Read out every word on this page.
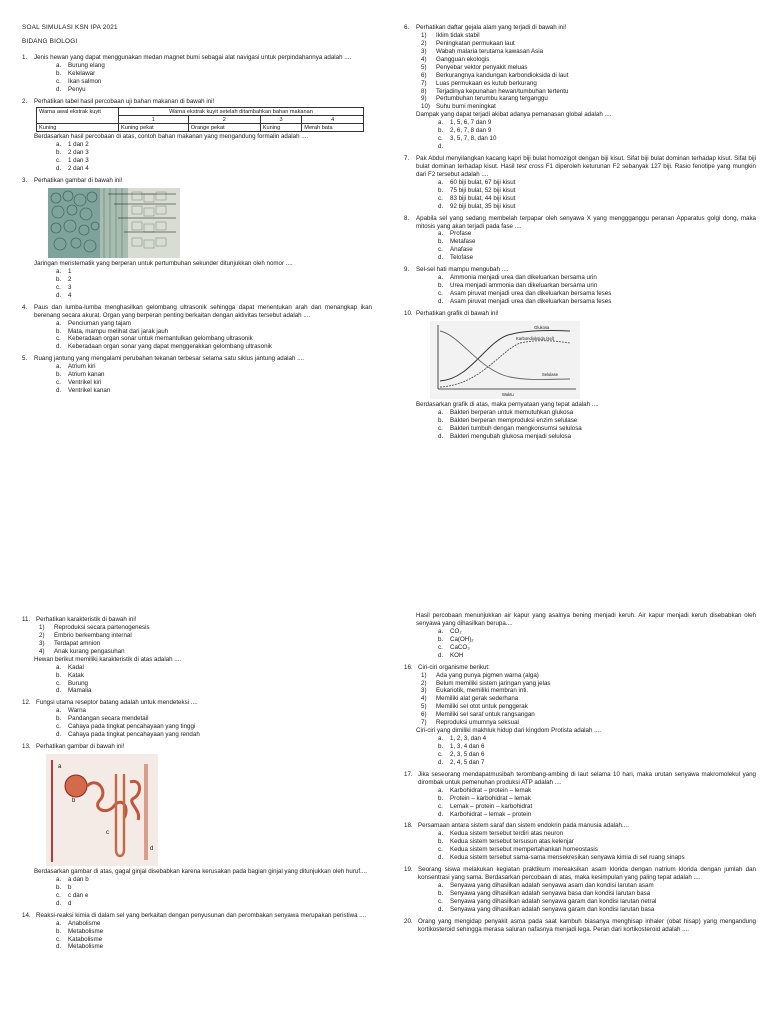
SOAL SIMULASI KSN IPA 2021
BIDANG BIOLOGI
1.	Jenis hewan yang dapat menggunakan medan magnet bumi sebagai alat navigasi untuk perpindahannya adalah ....
a.	Burung elang
b.	Kelelawar
c.	Ikan salmon
d.	Penyu
2.	Perhatikan tabel hasil percobaan uji bahan makanan di bawah ini!
Warna awal ekstrak kuyit	Warna ekstrak kuyit setelah ditambahkan bahan makanan			
	1	2	3	4
Kuning	Kuning pekat	Orange pekat	Kuning	Merah bata
Berdasarkan hasil percobaan di atas, contoh bahan makanan yang mengandung formalin adalah ....
a.	1 dan 2
b.	2 dan 3
c.	1 dan 3
d.	2 dan 4
3.	Perhatikan gambar di bawah ini!
Jaringan meristematik yang berperan untuk pertumbuhan sekunder ditunjukkan oleh nomor ....
a.	1
b.	2
c.	3
d.	4
4.	Paus dan lumba-lumba menghasilkan gelombang ultrasonik sehingga dapat menentukan arah dan menangkap ikan berenang secara akurat. Organ yang berperan penting berkaitan dengan aktivitas tersebut adalah ....
a.	Penciuman yang tajam
b.	Mata, mampu melihat dari jarak jauh
c.	Keberadaan organ sonar untuk memantulkan gelombang ultrasonik
d.	Keberadaan organ sonar yang dapat menggerakkan gelombang ultrasonik
5.	Ruang jantung yang mengalami perubahan tekanan terbesar selama satu siklus jantung adalah ....
a.	Atrium kiri
b.	Atrium kanan
c.	Ventrikel kiri
d.	Ventrikel kanan
6.	Perhatikan daftar gejala alam yang terjadi di bawah ini!
1)	Iklim tidak stabil
2)	Peningkatan permukaan laut
3)	Wabah malaria terutama kawasan Asia
4)	Gangguan ekologis
5)	Penyebar vektor penyakit meluas
6)	Berkurangnya kandungan karbondioksida di laut
7)	Luas permukaan es kutub berkurang
8)	Terjadinya kepunahan hewan/tumbuhan tertentu
9)	Pertumbuhan terumbu karang terganggu
10) Suhu bumi meningkat
Dampak yang dapat terjadi akibat adanya pemanasan global adalah ....
a.	1, 5, 6, 7 dan 9
b.	2, 6, 7, 8 dan 9
c.	3, 5, 7, 8, dan 10
d.
7.	Pak Abdul menyilangkan kacang kapri biji bulat homozigot dengan biji kisut. Sifat biji bulat dominan terhadap kisut. Sifat biji bulat dominan terhadap kisut. Hasil test cross F1 diperoleh keturunan F2 sebanyak 127 biji. Rasio fenotipe yang mungkin dari F2 tersebut adalah ....
a.	60 biji bulat, 67 biji kisut
b.	75 biji bulat, 52 biji kisut
c.	83 biji bulat, 44 biji kisut
d.	92 biji bulat, 35 biji kisut
8.	Apabila sel yang sedang membelah terpapar oleh senyawa X yang menggganggu peranan Apparatus golgi dong, maka mitosis yang akan terjadi pada fase ....
a.	Profase
b.	Metafase
c.	Anafase
d.	Telofase
9.	Sel-sel hati mampu mengubah ....
a.	Ammonia menjadi urea dan dikeluarkan bersama urin
b.	Urea menjadi ammonia dan dikeluarkan bersama urin
c.	Asam piruvat menjadi urea dan dikeluarkan bersama feses
d.	Asam piruvat menjadi urea dan dikeluarkan bersama feses
10. Perhatikan grafik di bawah ini!
Glukosa
Karbondioksida (sel)
Selulase
Waktu
Berdasarkan grafik di atas, maka pernyataan yang tepat adalah ....
a.	Bakteri berperan untuk memutuhkan glukosa
b.	Bakteri berperan memproduksi enzim selulase
c.	Bakteri tumbuh dengan mengkonsumsi selulosa
d.	Bakteri mengubah glukosa menjadi selulosa
11. Perhatikan karakteristik di bawah ini!
1)	Reproduksi secara partenogenesis
2)	Embrio berkembang internal
3)	Terdapat amnion
4)	Anak kurang pengasuhan
Hewan berikut memiliki karakteristik di atas adalah ....
a.	Kadal
b.	Katak
c.	Burung
d.	Mamalia
12. Fungsi utama reseptor batang adalah untuk mendeteksi ....
a.	Warna
b.	Pandangan secara mendetail
c.	Cahaya pada tingkat pencahayaan yang tinggi
d.	Cahaya pada tingkat pencahayaan yang rendah
13. Perhatikan gambar di bawah ini!
a
b
c
d
Berdasarkan gambar di atas, gagal ginjal disebabkan karena kerusakan pada bagian ginjal yang ditunjukkan oleh huruf....
a.	a dan b
b.	b
c.	c dan e
d.	d
14. Reaksi-reaksi kimia di dalam sel yang berkaitan dengan penyusunan dan perombakan senyawa merupakan peristiwa ....
a.	Anabolisme
b.	Metabolisme
c.	Katabolisme
d.	Metabolisme
Hasil percobaan menunjukkan air kapur yang asalnya bening menjadi keruh. Air kapur menjadi keruh disebabkan oleh senyawa yang dihasilkan berupa....
a.	CO₂
b.	Ca(OH)₂
c.	CaCO₃
d.	KOH
16. Ciri-ciri organisme berikut:
1)	Ada yang punya pigmen warna (alga)
2)	Belum memiliki sistem jaringan yang jelas
3)	Eukariotik, memiliki membran inti.
4)	Memiliki alat gerak sederhana
5)	Memiliki sel otot untuk penggerak
6)	Memiliki sel saraf untuk rangsangan
7)	Reproduksi umumnya seksual
Ciri-ciri yang dimiliki makhluk hidup dari kingdom Protista adalah ....
a.	1, 2, 3, dan 4
b.	1, 3, 4 dan 6
c.	2, 3, 5 dan 6
d.	2, 4, 5 dan 7
17. Jika seseorang mendapatmusibah terombang-ambing di laut selama 10 hari, maka urutan senyawa makromolekul yang dirombak untuk pemenuhan produksi ATP adalah ....
a.	Karbohidrat – protein – lemak
b.	Protein – karbohidrat – lemak
c.	Lemak – protein – karbohidrat
d.	Karbohidrat – lemak – protein
18. Persamaan antara sistem saraf dan sistem endokrin pada manusia adalah....
a.	Kedua sistem tersebut terdiri atas neuron
b.	Kedua sistem tersebut tersusun atas kelenjar
c.	Kedua sistem tersebut mempertahankan homeostasis
d.	Kedua sistem tersebut sama-sama mensekresikan senyawa kimia di sel ruang sinaps
19. Seorang siswa melakukan kegiatan praktikum mereaksikan asam klorida dengan natrium klorida dengan jumlah dan konsentrasi yang sama. Berdasarkan percobaan di atas, maka kesimpulan yang paling tepat adalah ....
a.	Senyawa yang dihasilkan adalah senyawa asam dan kondisi larutan asam
b.	Senyawa yang dihasilkan adalah senyawa basa dan kondisi larutan basa
c.	Senyawa yang dihasilkan adalah senyawa garam dan kondisi larutan netral
d.	Senyawa yang dihasilkan adalah senyawa garam dan kondisi larutan basa
20. Orang yang mengidap penyakit asma pada saat kambuh biasanya menghisap inhaler (obat hisap) yang mengandung kortikosteroid sehingga merasa saluran nafasnya menjadi lega. Peran dari kortikosteroid adalah ....
